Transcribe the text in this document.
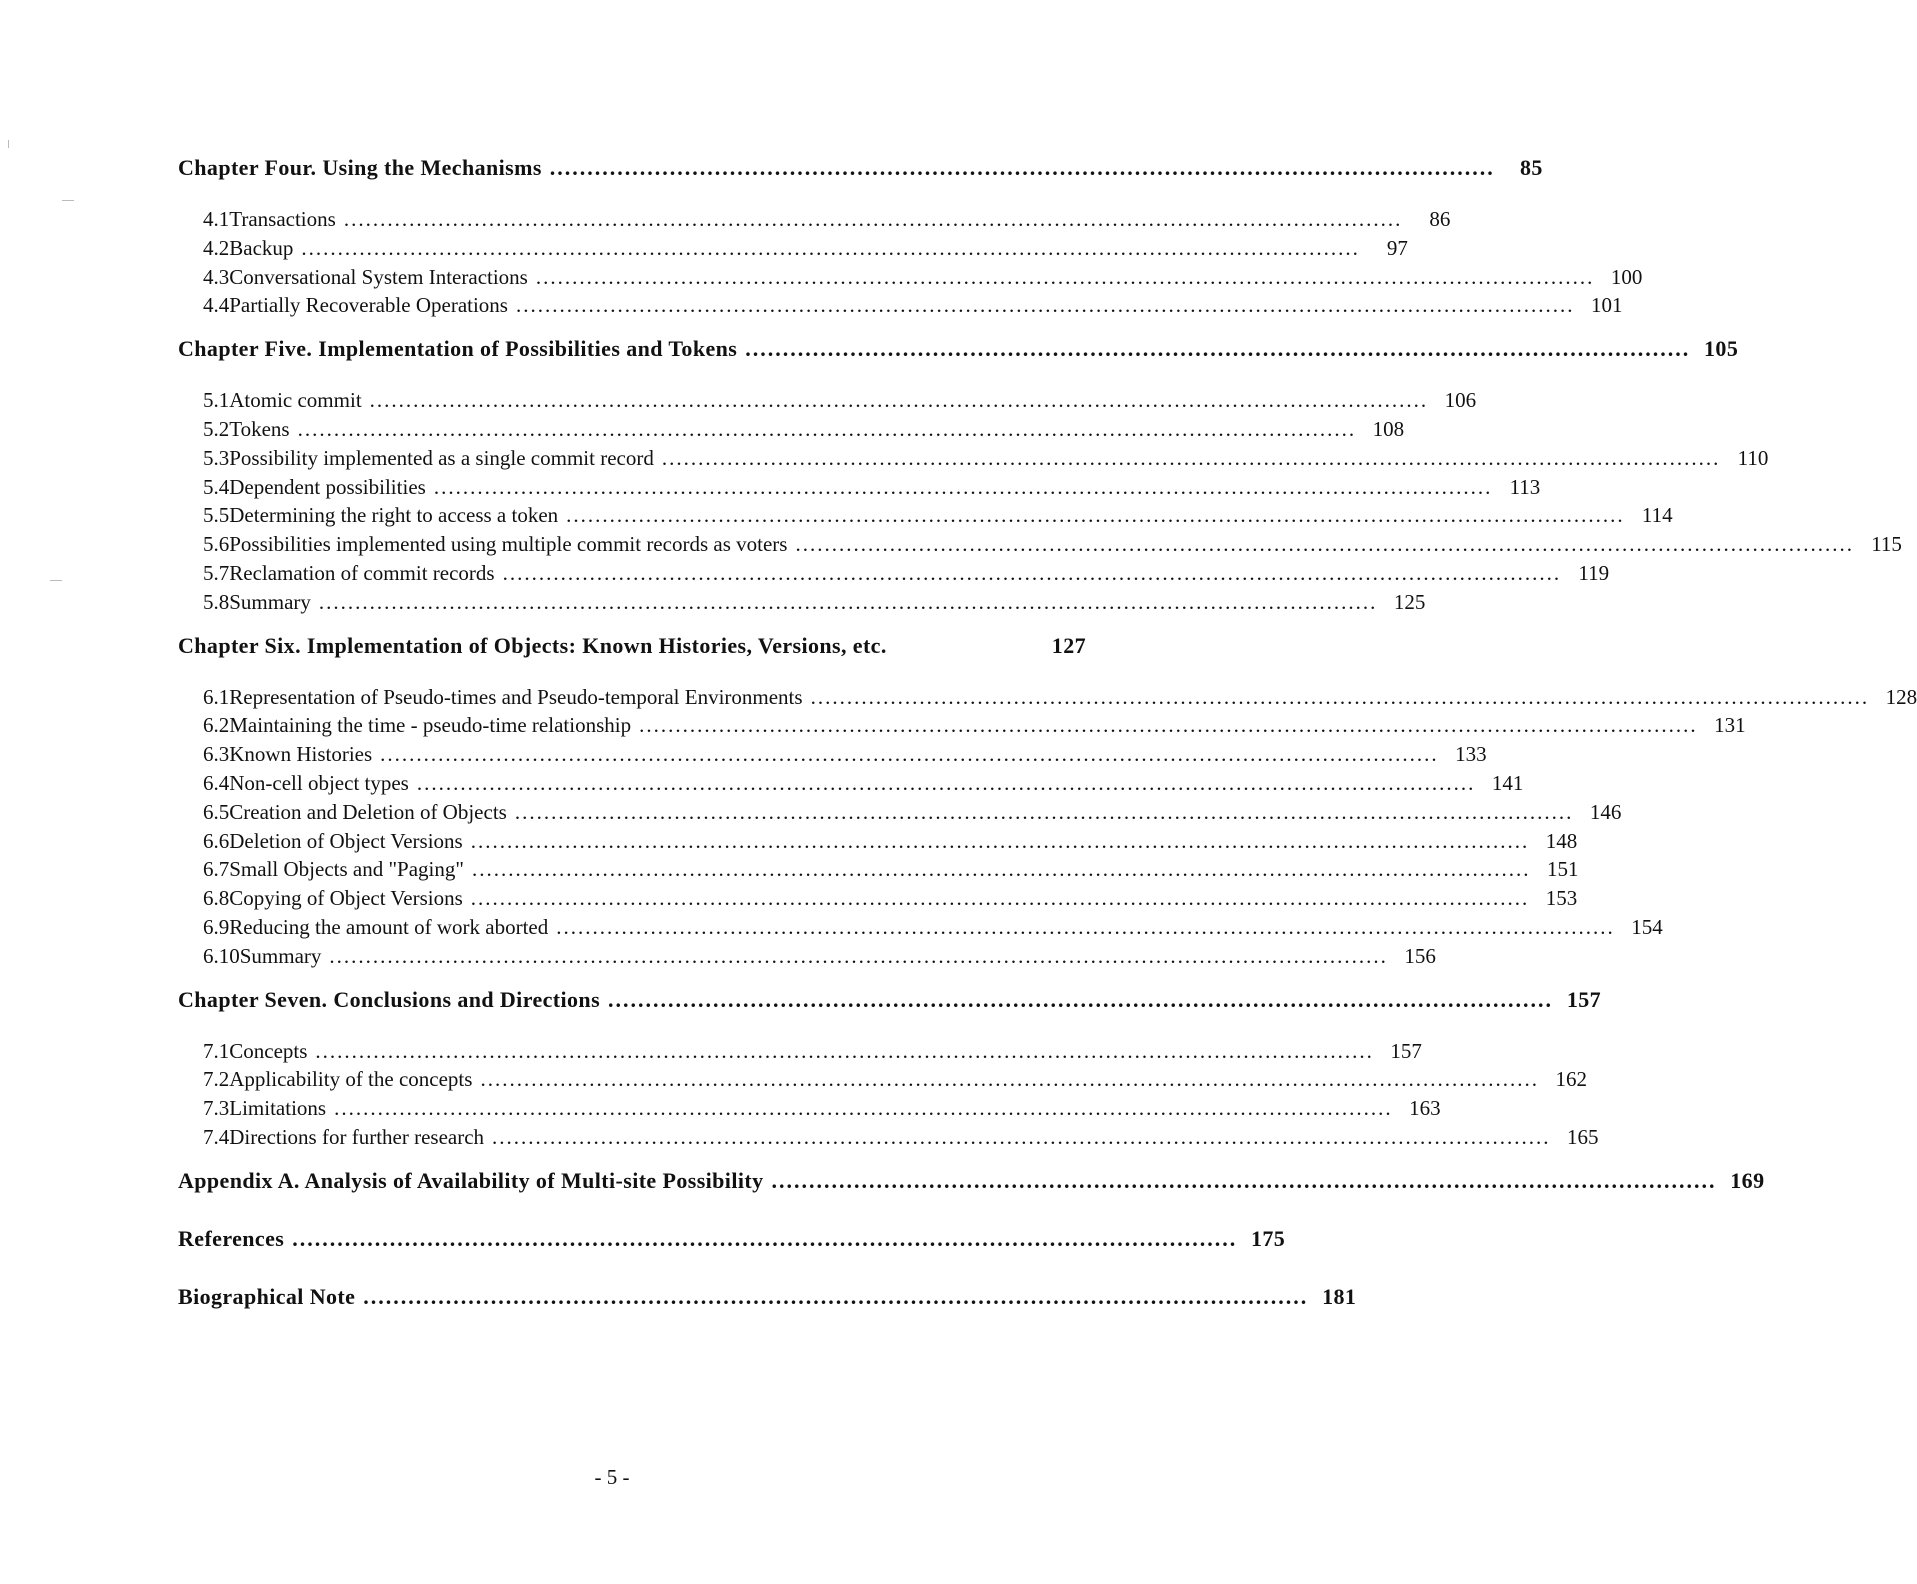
Chapter Four. Using the Mechanisms ..............................................................................................................................	85
4.1 Transactions ..................................................................................................................................................	86
4.2 Backup ..................................................................................................................................................	97
4.3 Conversational System Interactions .................................................................................................................................................. 100
4.4 Partially Recoverable Operations .................................................................................................................................................. 101
Chapter Five. Implementation of Possibilities and Tokens .............................................................................................................................. 105
5.1 Atomic commit .................................................................................................................................................. 106
5.2 Tokens .................................................................................................................................................. 108
5.3 Possibility implemented as a single commit record .................................................................................................................................................. 110
5.4 Dependent possibilities .................................................................................................................................................. 113
5.5 Determining the right to access a token .................................................................................................................................................. 114
5.6 Possibilities implemented using multiple commit records as voters .................................................................................................................................................. 115
5.7 Reclamation of commit records .................................................................................................................................................. 119
5.8 Summary .................................................................................................................................................. 125
Chapter Six. Implementation of Objects: Known Histories, Versions, etc.	127
6.1 Representation of Pseudo-times and Pseudo-temporal Environments .................................................................................................................................................. 128
6.2 Maintaining the time - pseudo-time relationship .................................................................................................................................................. 131
6.3 Known Histories .................................................................................................................................................. 133
6.4 Non-cell object types .................................................................................................................................................. 141
6.5 Creation and Deletion of Objects .................................................................................................................................................. 146
6.6 Deletion of Object Versions .................................................................................................................................................. 148
6.7 Small Objects and "Paging" .................................................................................................................................................. 151
6.8 Copying of Object Versions .................................................................................................................................................. 153
6.9 Reducing the amount of work aborted .................................................................................................................................................. 154
6.10 Summary .................................................................................................................................................. 156
Chapter Seven. Conclusions and Directions .............................................................................................................................. 157
7.1 Concepts .................................................................................................................................................. 157
7.2 Applicability of the concepts .................................................................................................................................................. 162
7.3 Limitations .................................................................................................................................................. 163
7.4 Directions for further research .................................................................................................................................................. 165
Appendix A. Analysis of Availability of Multi-site Possibility .............................................................................................................................. 169
References .............................................................................................................................. 175
Biographical Note .............................................................................................................................. 181
- 5 -
